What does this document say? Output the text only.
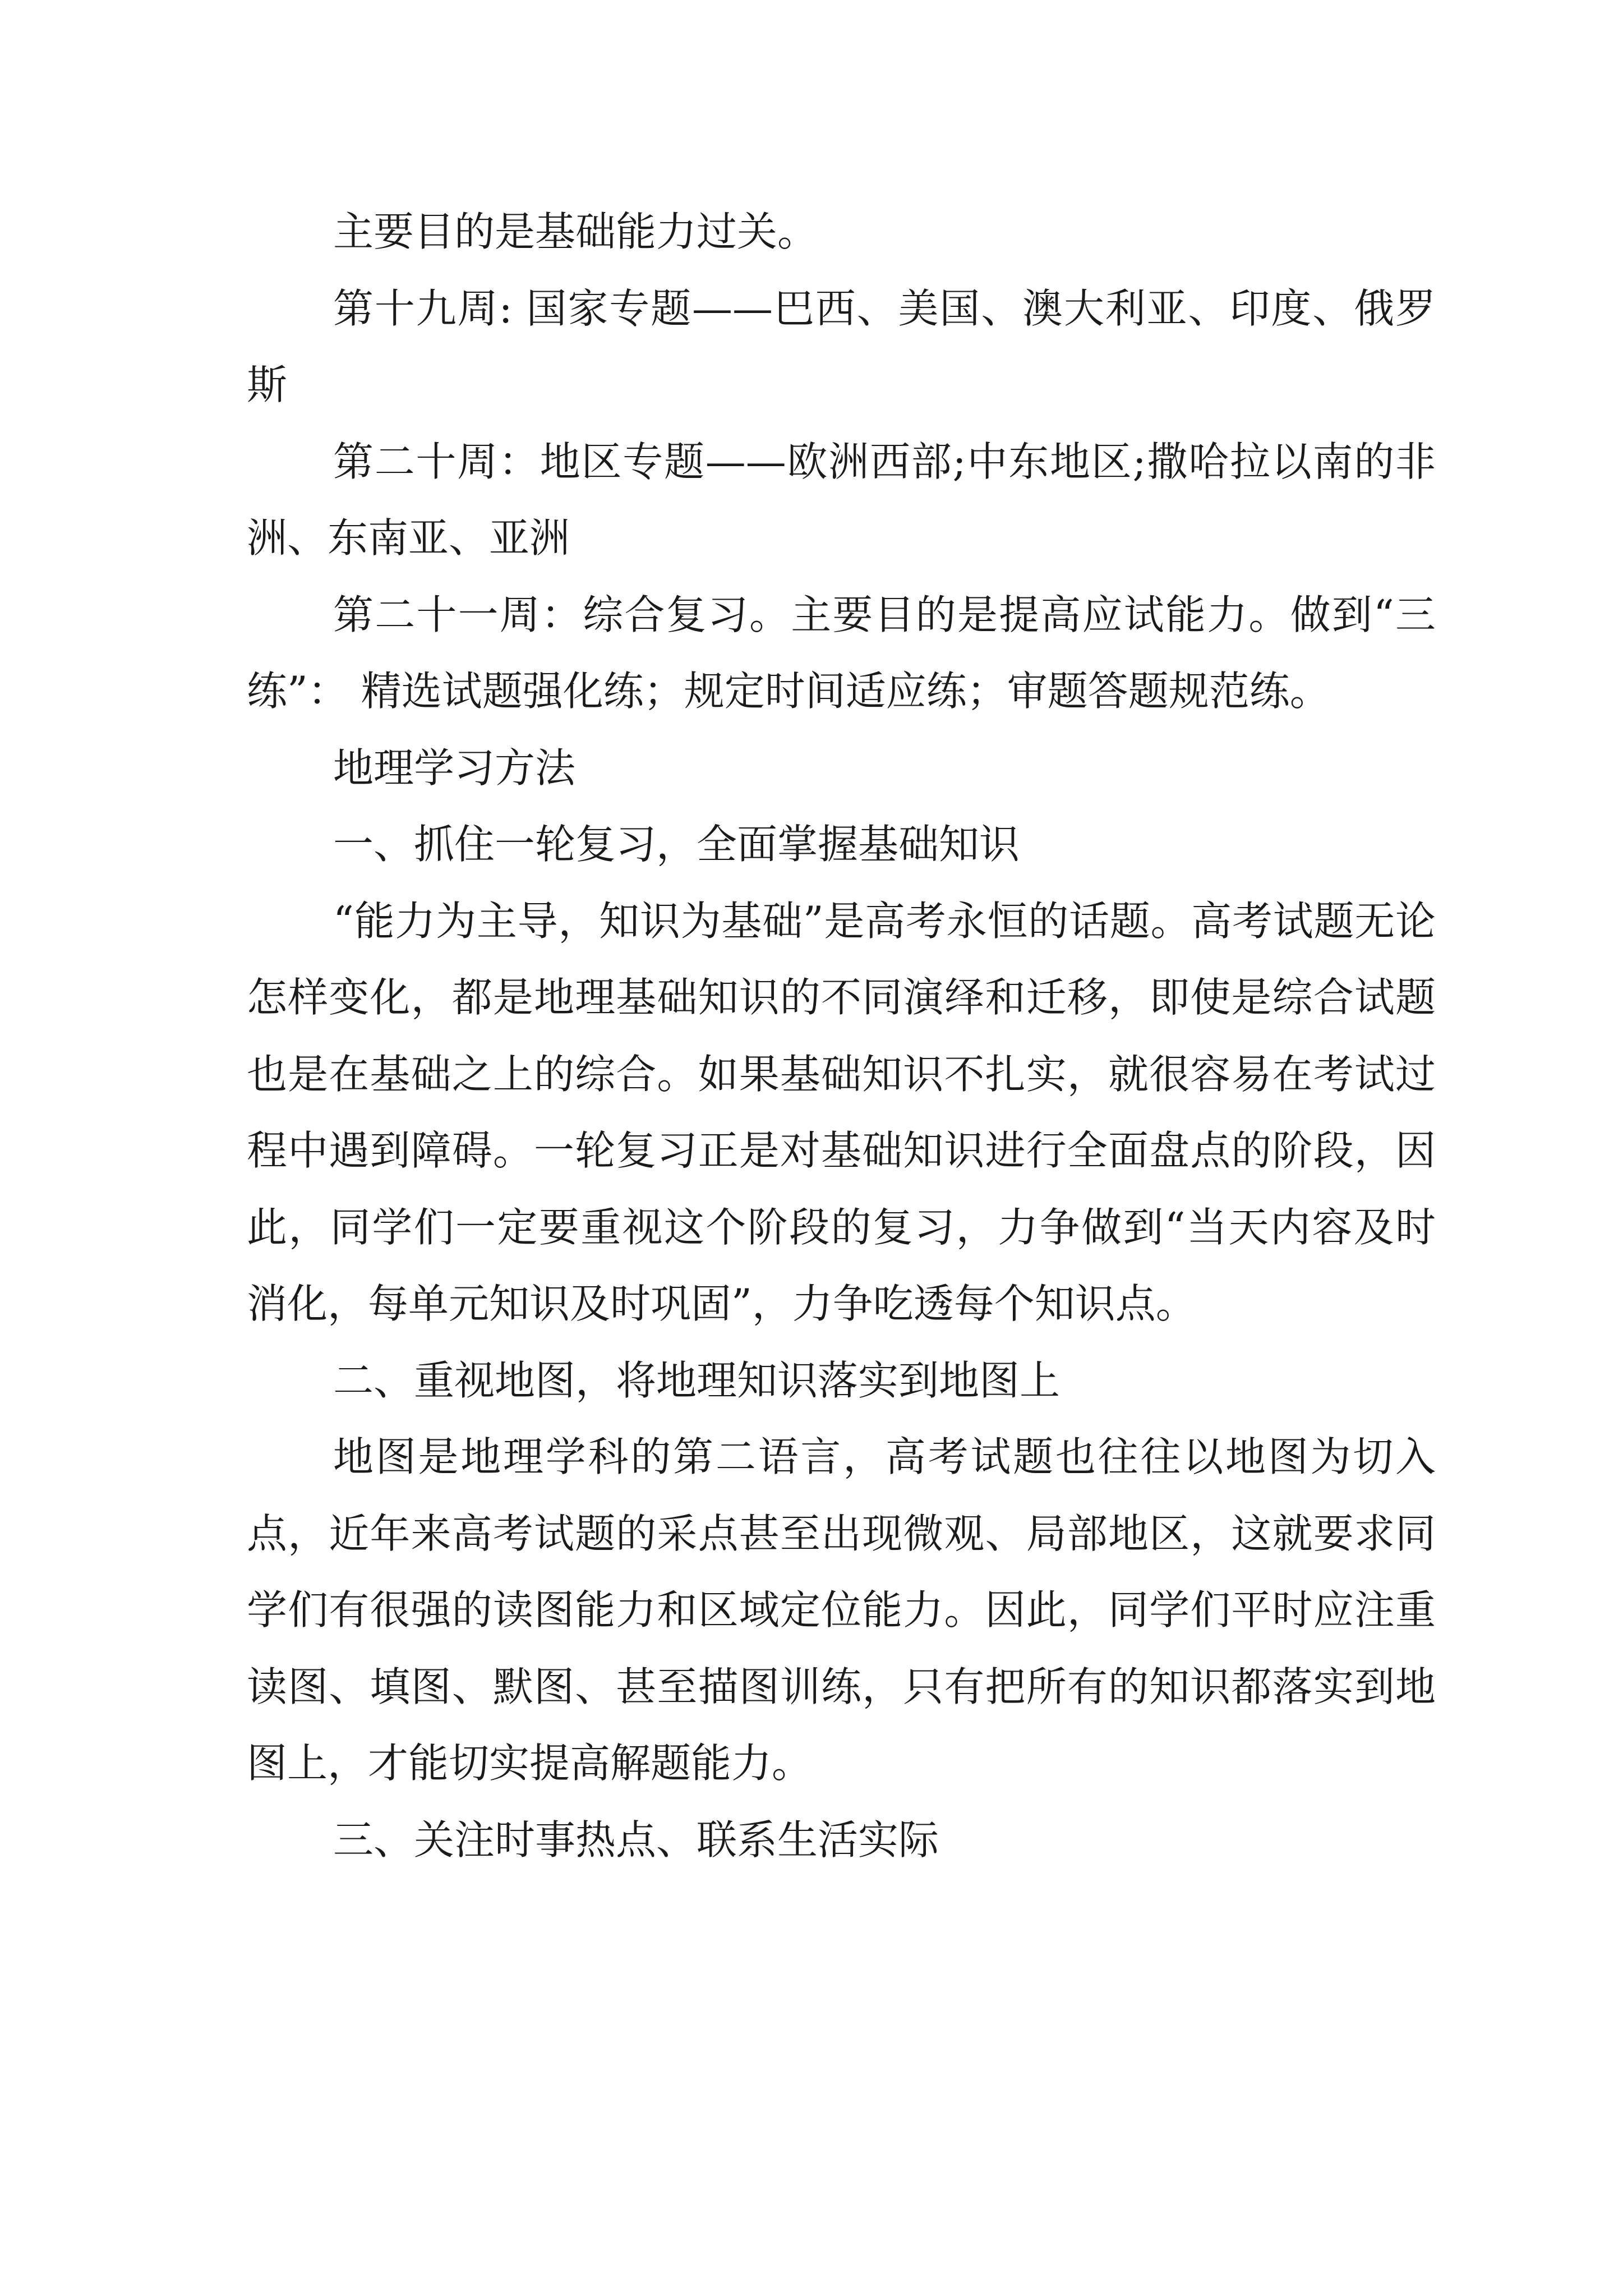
主要目的是基础能力过关。

第十九周: 国家专题——巴西、美国、澳大利亚、印度、俄罗斯

第二十周：地区专题——欧洲西部;中东地区;撒哈拉以南的非洲、东南亚、亚洲

第二十一周：综合复习。主要目的是提高应试能力。做到“三练”： 精选试题强化练；规定时间适应练；审题答题规范练。

地理学习方法

一、抓住一轮复习，全面掌握基础知识

“能力为主导，知识为基础”是高考永恒的话题。高考试题无论怎样变化，都是地理基础知识的不同演绎和迁移，即使是综合试题也是在基础之上的综合。如果基础知识不扎实，就很容易在考试过程中遇到障碍。一轮复习正是对基础知识进行全面盘点的阶段，因此，同学们一定要重视这个阶段的复习，力争做到“当天内容及时消化，每单元知识及时巩固”，力争吃透每个知识点。

二、重视地图，将地理知识落实到地图上

地图是地理学科的第二语言，高考试题也往往以地图为切入点，近年来高考试题的采点甚至出现微观、局部地区，这就要求同学们有很强的读图能力和区域定位能力。因此，同学们平时应注重读图、填图、默图、甚至描图训练，只有把所有的知识都落实到地图上，才能切实提高解题能力。

三、关注时事热点、联系生活实际
